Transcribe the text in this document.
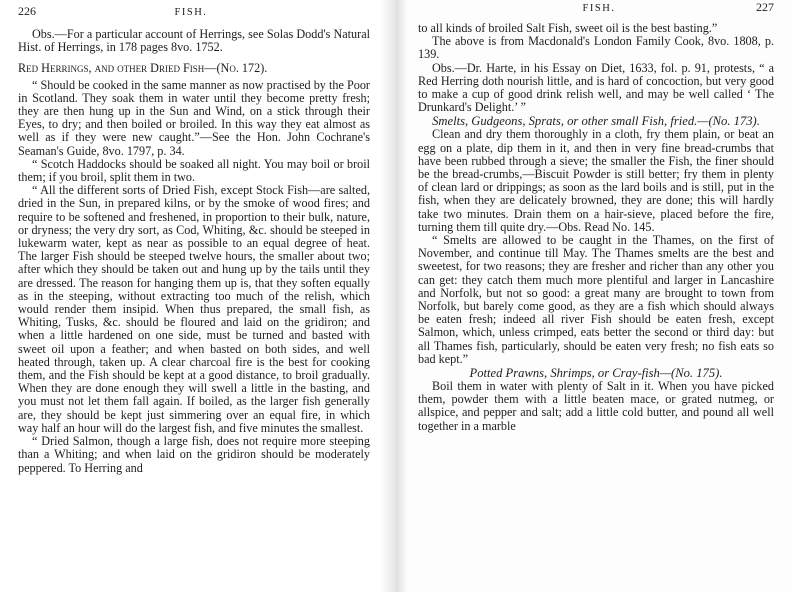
226	FISH.

Obs.—For a particular account of Herrings, see Solas Dodd's Natural Hist. of Herrings, in 178 pages 8vo. 1752.

Red Herrings, and other Dried Fish—(No. 172).

“ Should be cooked in the same manner as now practised by the Poor in Scotland. They soak them in water until they become pretty fresh; they are then hung up in the Sun and Wind, on a stick through their Eyes, to dry; and then boiled or broiled. In this way they eat almost as well as if they were new caught.”—See the Hon. John Cochrane's Seaman's Guide, 8vo. 1797, p. 34.

“ Scotch Haddocks should be soaked all night. You may boil or broil them; if you broil, split them in two.

“ All the different sorts of Dried Fish, except Stock Fish—are salted, dried in the Sun, in prepared kilns, or by the smoke of wood fires; and require to be softened and freshened, in proportion to their bulk, nature, or dryness; the very dry sort, as Cod, Whiting, &c. should be steeped in lukewarm water, kept as near as possible to an equal degree of heat. The larger Fish should be steeped twelve hours, the smaller about two; after which they should be taken out and hung up by the tails until they are dressed. The reason for hanging them up is, that they soften equally as in the steeping, without extracting too much of the relish, which would render them insipid. When thus prepared, the small fish, as Whiting, Tusks, &c. should be floured and laid on the gridiron; and when a little hardened on one side, must be turned and basted with sweet oil upon a feather; and when basted on both sides, and well heated through, taken up. A clear charcoal fire is the best for cooking them, and the Fish should be kept at a good distance, to broil gradually. When they are done enough they will swell a little in the basting, and you must not let them fall again. If boiled, as the larger fish generally are, they should be kept just simmering over an equal fire, in which way half an hour will do the largest fish, and five minutes the smallest.

“ Dried Salmon, though a large fish, does not require more steeping than a Whiting; and when laid on the gridiron should be moderately peppered. To Herring and

FISH.	227

to all kinds of broiled Salt Fish, sweet oil is the best basting.”

The above is from Macdonald's London Family Cook, 8vo. 1808, p. 139.

Obs.—Dr. Harte, in his Essay on Diet, 1633, fol. p. 91, protests, “ a Red Herring doth nourish little, and is hard of concoction, but very good to make a cup of good drink relish well, and may be well called ‘ The Drunkard's Delight.’ ”

Smelts, Gudgeons, Sprats, or other small Fish, fried.—(No. 173).

Clean and dry them thoroughly in a cloth, fry them plain, or beat an egg on a plate, dip them in it, and then in very fine bread-crumbs that have been rubbed through a sieve; the smaller the Fish, the finer should be the bread-crumbs,—Biscuit Powder is still better; fry them in plenty of clean lard or drippings; as soon as the lard boils and is still, put in the fish, when they are delicately browned, they are done; this will hardly take two minutes. Drain them on a hair-sieve, placed before the fire, turning them till quite dry.—Obs. Read No. 145.

“ Smelts are allowed to be caught in the Thames, on the first of November, and continue till May. The Thames smelts are the best and sweetest, for two reasons; they are fresher and richer than any other you can get: they catch them much more plentiful and larger in Lancashire and Norfolk, but not so good: a great many are brought to town from Norfolk, but barely come good, as they are a fish which should always be eaten fresh; indeed all river Fish should be eaten fresh, except Salmon, which, unless crimped, eats better the second or third day: but all Thames fish, particularly, should be eaten very fresh; no fish eats so bad kept.”

Potted Prawns, Shrimps, or Cray-fish—(No. 175).

Boil them in water with plenty of Salt in it. When you have picked them, powder them with a little beaten mace, or grated nutmeg, or allspice, and pepper and salt; add a little cold butter, and pound all well together in a marble
